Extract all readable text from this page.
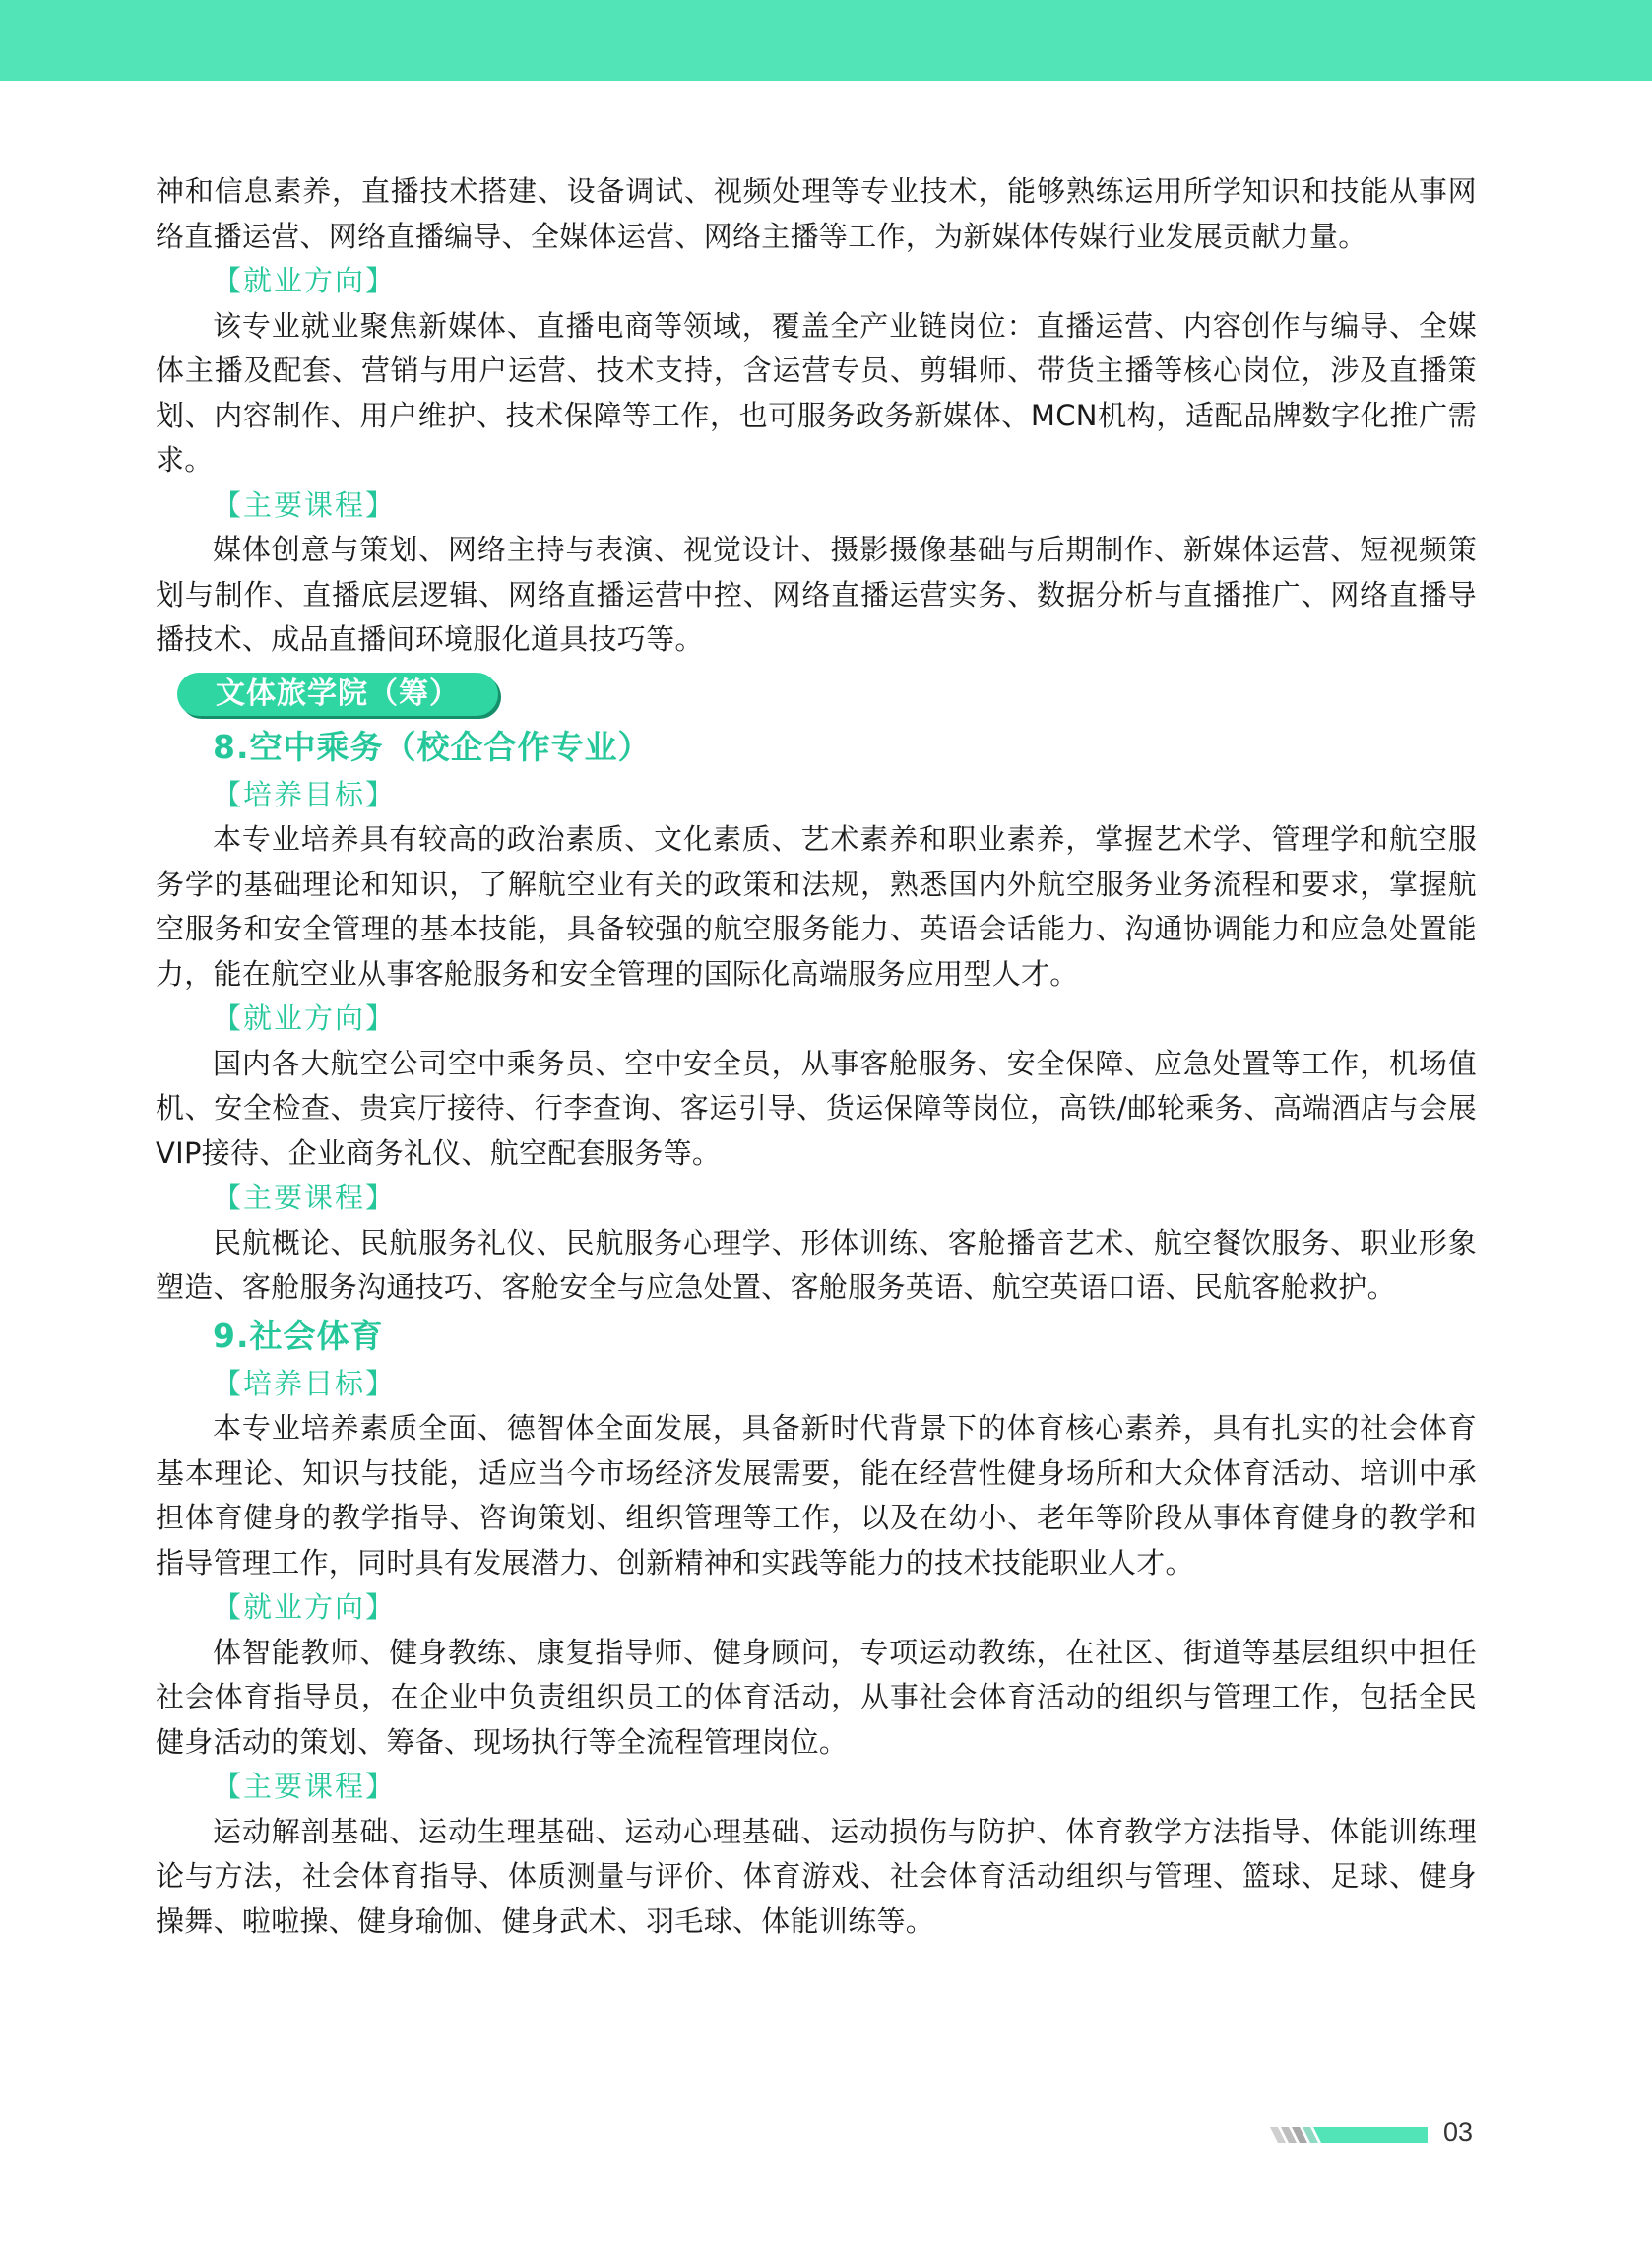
神和信息素养，直播技术搭建、设备调试、视频处理等专业技术，能够熟练运用所学知识和技能从事网络直播运营、网络直播编导、全媒体运营、网络主播等工作，为新媒体传媒行业发展贡献力量。

【就业方向】

该专业就业聚焦新媒体、直播电商等领域，覆盖全产业链岗位：直播运营、内容创作与编导、全媒体主播及配套、营销与用户运营、技术支持，含运营专员、剪辑师、带货主播等核心岗位，涉及直播策划、内容制作、用户维护、技术保障等工作，也可服务政务新媒体、MCN机构，适配品牌数字化推广需求。

【主要课程】

媒体创意与策划、网络主持与表演、视觉设计、摄影摄像基础与后期制作、新媒体运营、短视频策划与制作、直播底层逻辑、网络直播运营中控、网络直播运营实务、数据分析与直播推广、网络直播导播技术、成品直播间环境服化道具技巧等。

文体旅学院（筹）
8.空中乘务（校企合作专业）
【培养目标】

本专业培养具有较高的政治素质、文化素质、艺术素养和职业素养，掌握艺术学、管理学和航空服务学的基础理论和知识，了解航空业有关的政策和法规，熟悉国内外航空服务业务流程和要求，掌握航空服务和安全管理的基本技能，具备较强的航空服务能力、英语会话能力、沟通协调能力和应急处置能力，能在航空业从事客舱服务和安全管理的国际化高端服务应用型人才。

【就业方向】

国内各大航空公司空中乘务员、空中安全员，从事客舱服务、安全保障、应急处置等工作，机场值机、安全检查、贵宾厅接待、行李查询、客运引导、货运保障等岗位，高铁/邮轮乘务、高端酒店与会展VIP接待、企业商务礼仪、航空配套服务等。

【主要课程】

民航概论、民航服务礼仪、民航服务心理学、形体训练、客舱播音艺术、航空餐饮服务、职业形象塑造、客舱服务沟通技巧、客舱安全与应急处置、客舱服务英语、航空英语口语、民航客舱救护。

9.社会体育
【培养目标】

本专业培养素质全面、德智体全面发展，具备新时代背景下的体育核心素养，具有扎实的社会体育基本理论、知识与技能，适应当今市场经济发展需要，能在经营性健身场所和大众体育活动、培训中承担体育健身的教学指导、咨询策划、组织管理等工作，以及在幼小、老年等阶段从事体育健身的教学和指导管理工作，同时具有发展潜力、创新精神和实践等能力的技术技能职业人才。

【就业方向】

体智能教师、健身教练、康复指导师、健身顾问，专项运动教练，在社区、街道等基层组织中担任社会体育指导员，在企业中负责组织员工的体育活动，从事社会体育活动的组织与管理工作，包括全民健身活动的策划、筹备、现场执行等全流程管理岗位。

【主要课程】

运动解剖基础、运动生理基础、运动心理基础、运动损伤与防护、体育教学方法指导、体能训练理论与方法，社会体育指导、体质测量与评价、体育游戏、社会体育活动组织与管理、篮球、足球、健身操舞、啦啦操、健身瑜伽、健身武术、羽毛球、体能训练等。

03
